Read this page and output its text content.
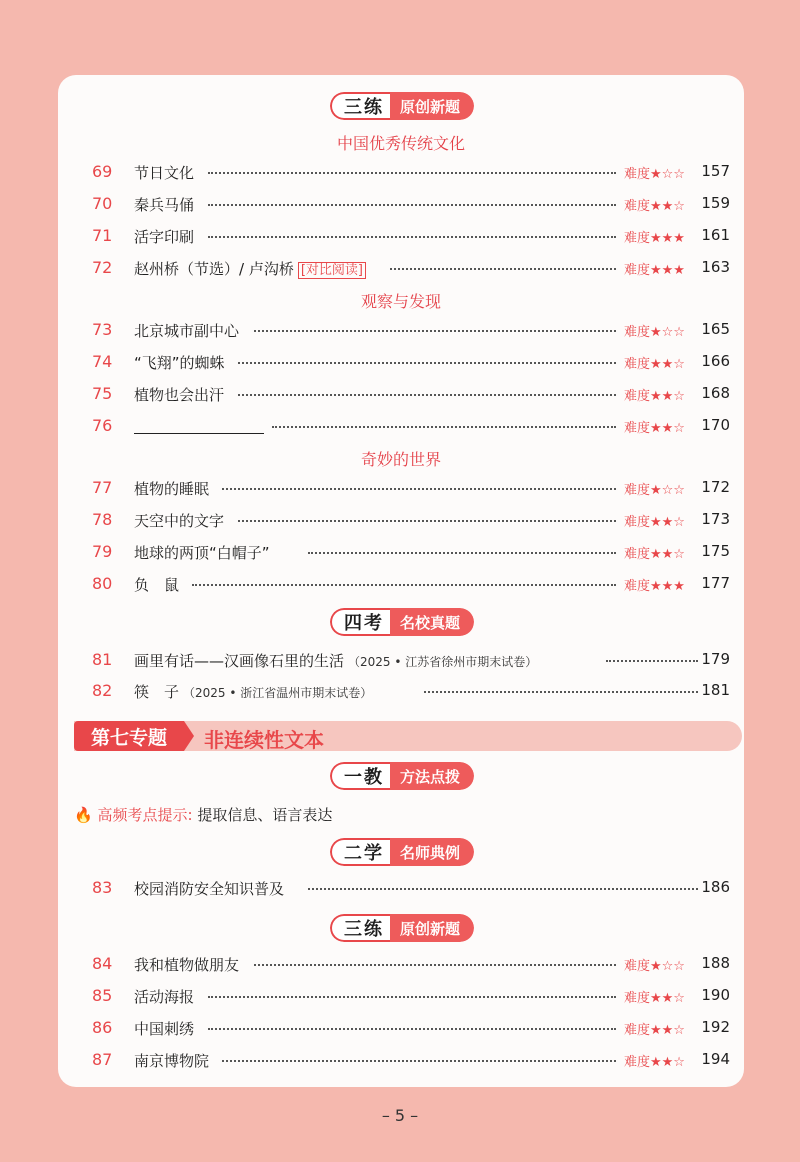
三练	原创新题
中国优秀传统文化
69 节日文化	难度★☆☆ 157
70 秦兵马俑	难度★★☆ 159
71 活字印刷	难度★★★ 161
72 赵州桥（节选）/ 卢沟桥 [对比阅读]	难度★★★ 163
观察与发现
73 北京城市副中心	难度★☆☆ 165
74 “飞翔”的蜘蛛	难度★★☆ 166
75 植物也会出汗	难度★★☆ 168
76	难度★★☆ 170
奇妙的世界
77 植物的睡眠	难度★☆☆ 172
78 天空中的文字	难度★★☆ 173
79 地球的两顶“白帽子”	难度★★☆ 175
80 负　鼠	难度★★★ 177
四考	名校真题
81 画里有话——汉画像石里的生活 （2025 • 江苏省徐州市期末试卷）	179
82 筷　子 （2025 • 浙江省温州市期末试卷）	181
第七专题	非连续性文本
一教	方法点拨
🔥 高频考点提示: 提取信息、语言表达
二学	名师典例
83 校园消防安全知识普及	186
三练	原创新题
84 我和植物做朋友	难度★☆☆ 188
85 活动海报	难度★★☆ 190
86 中国刺绣	难度★★☆ 192
87 南京博物院	难度★★☆ 194
– 5 –
